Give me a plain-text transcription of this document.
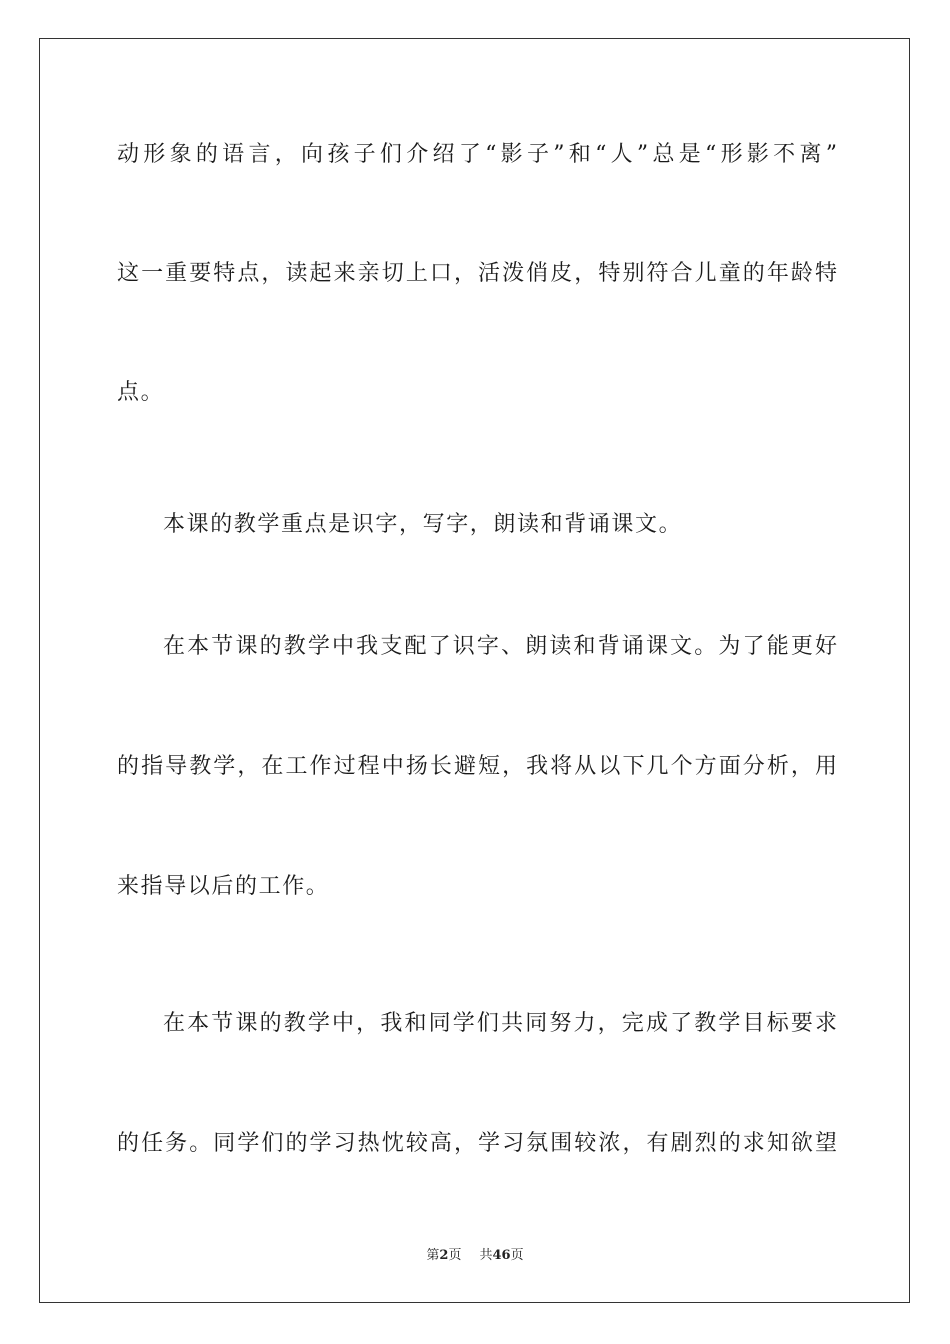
动形象的语言，向孩子们介绍了“影子”和“人”总是“形影不离”
这一重要特点，读起来亲切上口，活泼俏皮，特别符合儿童的年龄特
点。
本课的教学重点是识字，写字，朗读和背诵课文。
在本节课的教学中我支配了识字、朗读和背诵课文。为了能更好
的指导教学，在工作过程中扬长避短，我将从以下几个方面分析，用
来指导以后的工作。
在本节课的教学中，我和同学们共同努力，完成了教学目标要求
的任务。同学们的学习热忱较高，学习氛围较浓，有剧烈的求知欲望
第2页 共46页
